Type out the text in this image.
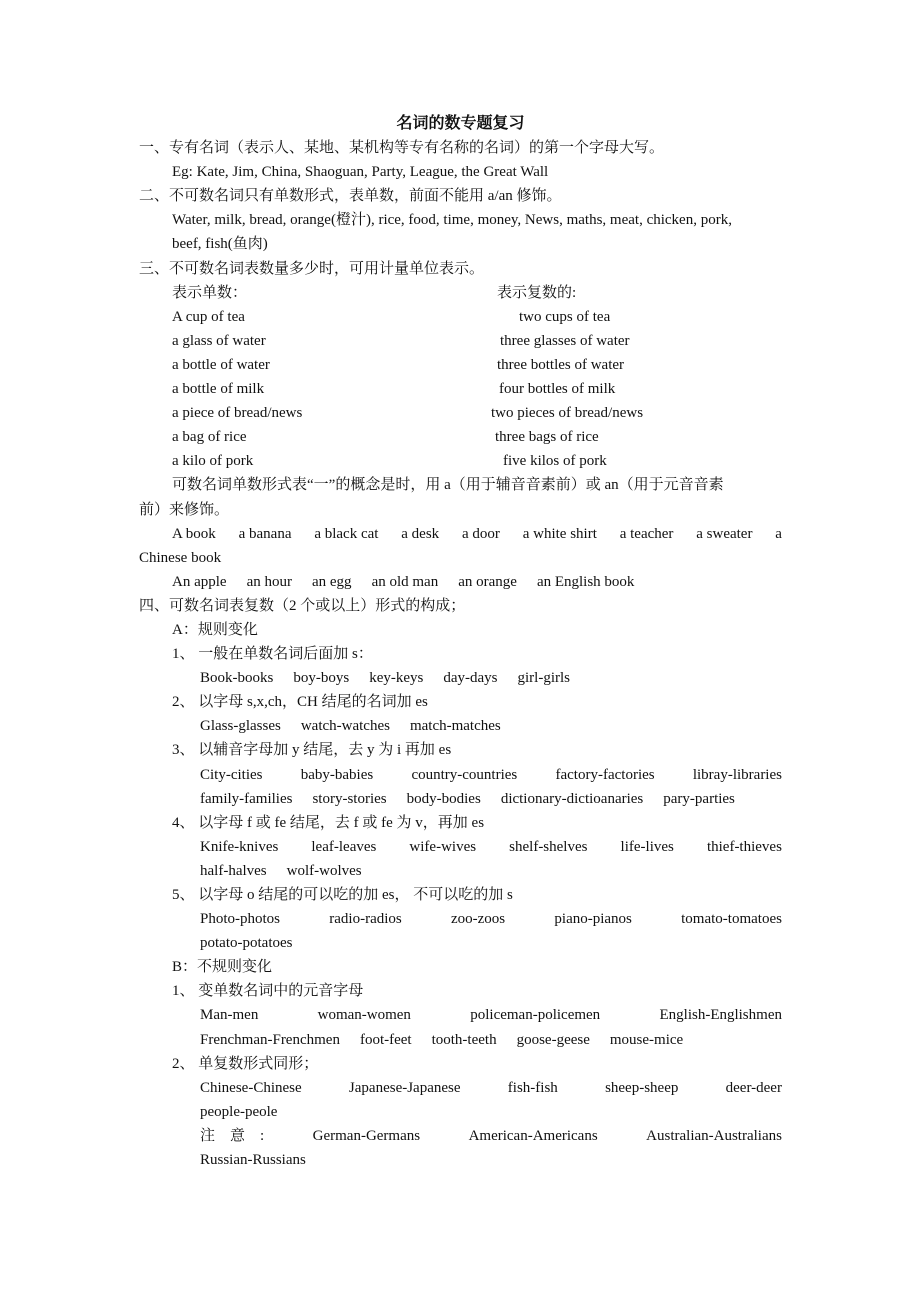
名词的数专题复习
一、专有名词（表示人、某地、某机构等专有名称的名词）的第一个字母大写。
Eg: Kate, Jim, China, Shaoguan, Party, League, the Great Wall
二、不可数名词只有单数形式，表单数，前面不能用 a/an 修饰。
Water, milk, bread, orange(橙汁), rice, food, time, money, News, maths, meat, chicken, pork,
beef, fish(鱼肉)
三、不可数名词表数量多少时，可用计量单位表示。
表示单数：	表示复数的:
A cup of tea	two cups of tea
a glass of water	three glasses of water
a bottle of water	three bottles of water
a bottle of milk	four bottles of milk
a piece of bread/news	two pieces of bread/news
a bag of rice	three bags of rice
a kilo of pork	five kilos of pork
可数名词单数形式表“一”的概念是时，用 a（用于辅音音素前）或 an（用于元音音素
前）来修饰。
A book a banana a black cat a desk a door a white shirt a teacher a sweater a
Chinese book
An apple an hour an egg an old man an orange an English book
四、可数名词表复数（2 个或以上）形式的构成；
A：规则变化
1、 一般在单数名词后面加 s：
Book-books boy-boys key-keys day-days girl-girls
2、 以字母 s,x,ch，CH 结尾的名词加 es
Glass-glasses watch-watches match-matches
3、 以辅音字母加 y 结尾，去 y 为 i 再加 es
City-cities	baby-babies	country-countries	factory-factories	libray-libraries
family-families story-stories body-bodies dictionary-dictioanaries pary-parties
4、 以字母 f 或 fe 结尾，去 f 或 fe 为 v，再加 es
Knife-knives leaf-leaves wife-wives shelf-shelves life-lives thief-thieves
half-halves wolf-wolves
5、 以字母 o 结尾的可以吃的加 es， 不可以吃的加 s
Photo-photos	radio-radios	zoo-zoos	piano-pianos	tomato-tomatoes
potato-potatoes
B：不规则变化
1、 变单数名词中的元音字母
Man-men	woman-women	policeman-policemen	English-Englishmen
Frenchman-Frenchmen foot-feet tooth-teeth goose-geese mouse-mice
2、 单复数形式同形；
Chinese-Chinese	Japanese-Japanese	fish-fish	sheep-sheep	deer-deer
people-peole
注　意　:	German-Germans	American-Americans	Australian-Australians
Russian-Russians
